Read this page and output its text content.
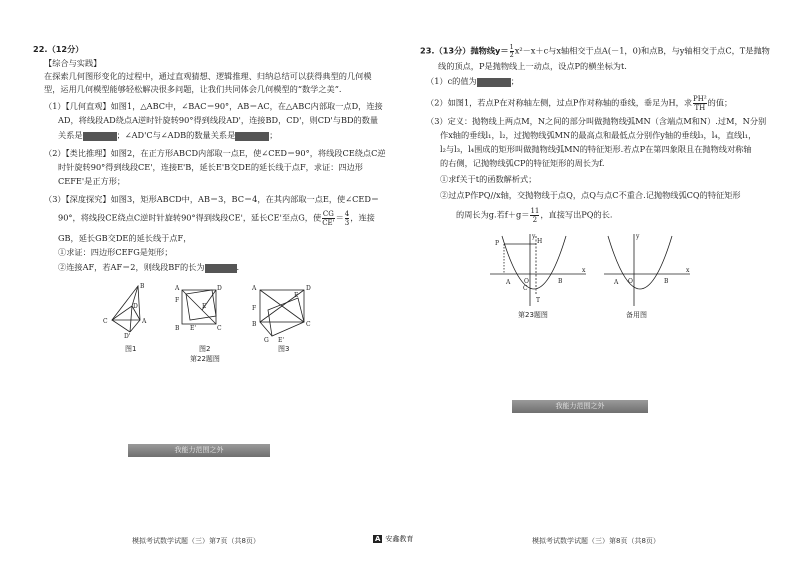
22.（12分）
【综合与实践】
在探索几何图形变化的过程中，通过直观猜想、逻辑推理、归纳总结可以获得典型的几何模
型，运用几何模型能够轻松解决很多问题，让我们共同体会几何模型的“数学之美”.
（1）【几何直观】如图1，△ABC中，∠BAC＝90°，AB＝AC，在△ABC内部取一点D，连接
AD，将线段AD绕点A逆时针旋转90°得到线段AD'，连接BD，CD'，则CD'与BD的数量
关系是	；∠AD'C与∠ADB的数量关系是	；
（2）【类比推理】如图2，在正方形ABCD内部取一点E，使∠CED＝90°，将线段CE绕点C逆
时针旋转90°得到线段CE'，连接E'B，延长E'B交DE的延长线于点F，求证：四边形
CEFE'是正方形；
（3）【深度探究】如图3，矩形ABCD中，AB＝3，BC＝4，在其内部取一点E，使∠CED＝
90°，将线段CE绕点C逆时针旋转90°得到线段CE'，延长CE'至点G，使 $\frac{CG}{CE'} = \frac{4}{3}$ ，连接
GB，延长GB交DE的延长线于点F，
①求证：四边形CEFG是矩形；
②连接AF，若AF＝2，则线段BF的长为	.
B
C	A
D
D'
A	D
F
B	C
E
E'
A	D
F
B	C
E
G E'
图1	图2	图3
第22题图
我能力范围之外
模拟考试数学试题（三）第7页（共8页）	A 安鑫教育
23.（13分）抛物线$y= \frac{1}{2} x^2-x+c$与x轴相交于点A(－1，0)和点B，与y轴相交于点C，T是抛物
线的顶点，P是抛物线上一动点，设点P的横坐标为t.
（1）c的值为	；
（2）如图1，若点P在对称轴左侧，过点P作对称轴的垂线，垂足为H，求 $\frac{\text{PH²}}{TH}$ 的值；
（3）定义：抛物线上两点M，N之间的部分叫做抛物线弧MN（含端点M和N）.过M，N分别
作x轴的垂线l₁，l₂，过抛物线弧MN的最高点和最低点分别作y轴的垂线l₃，l₄，直线l₁，
l₂与l₃，l₄围成的矩形叫做抛物线弧MN的特征矩形.若点P在第四象限且在抛物线对称轴
的右侧，记抛物线弧CP的特征矩形的周长为f.
①求f关于t的函数解析式；
②过点P作PQ//x轴，交抛物线于点Q，点Q与点C不重合.记抛物线弧CQ的特征矩形
的周长为g.若$f+g= \frac{11}{2}$ ，直接写出PQ的长.
P	H
y
x
A O	B
C
T
y
x
A O	B
第23题图	备用图
我能力范围之外
模拟考试数学试题（三）第8页（共8页）
